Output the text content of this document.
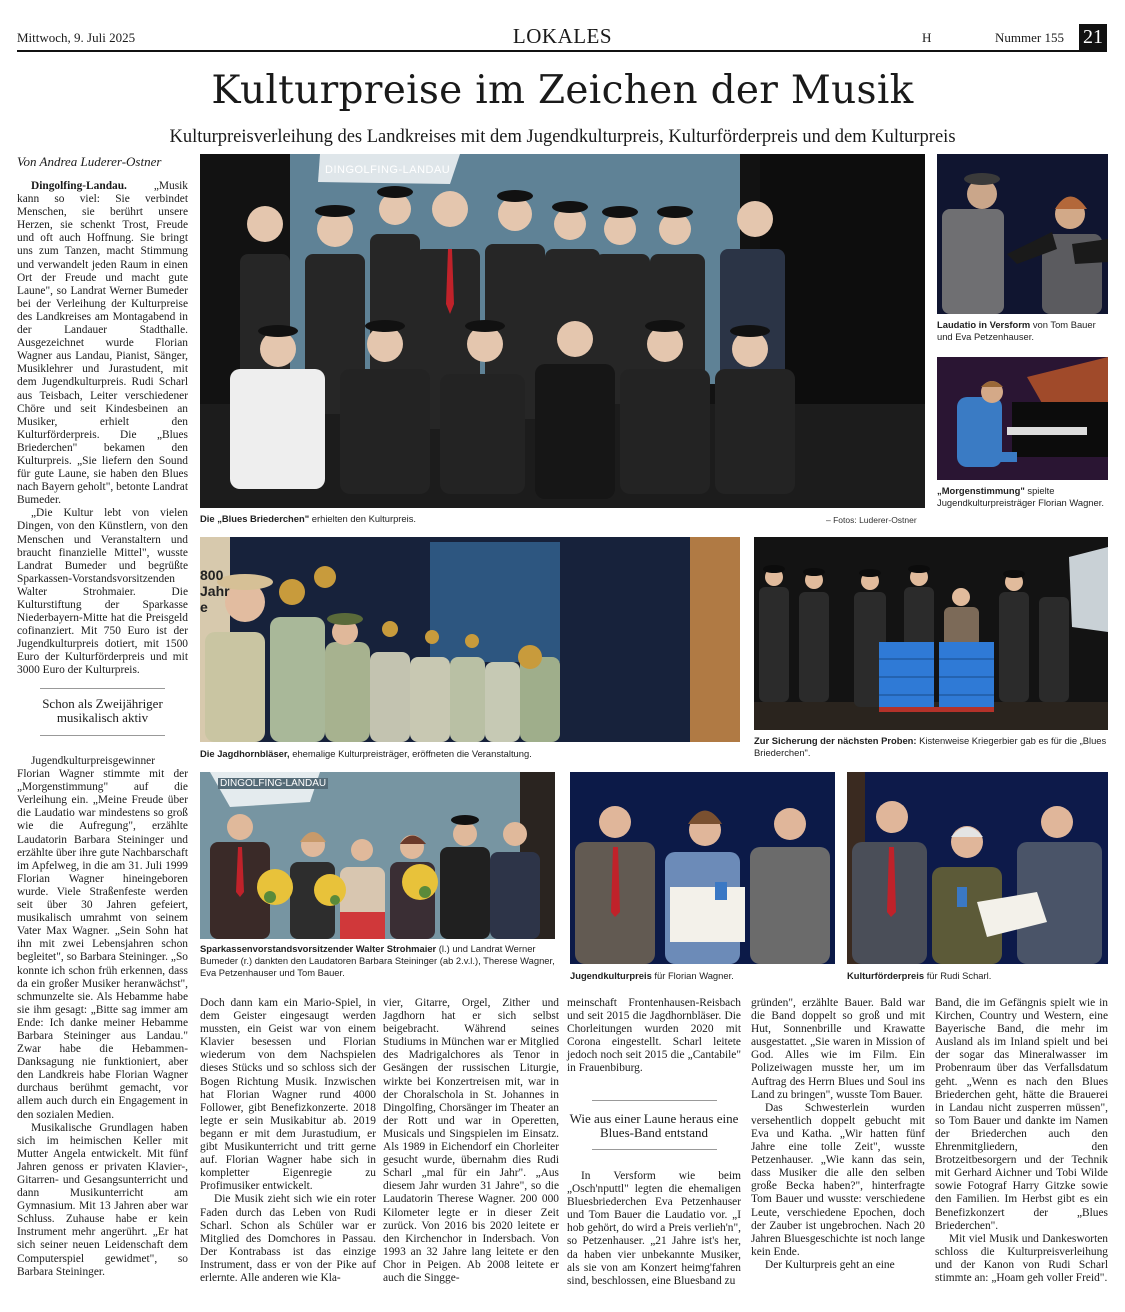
Mittwoch, 9. Juli 2025	LOKALES	H	Nummer 155 21
Kulturpreise im Zeichen der Musik
Kulturpreisverleihung des Landkreises mit dem Jugendkulturpreis, Kulturförderpreis und dem Kulturpreis
Von Andrea Luderer-Ostner

Dingolfing-Landau. „Musik kann so viel: Sie verbindet Menschen, sie berührt unsere Herzen, sie schenkt Trost, Freude und oft auch Hoffnung. Sie bringt uns zum Tanzen, macht Stimmung und verwandelt jeden Raum in einen Ort der Freude und macht gute Laune", so Landrat Werner Bumeder bei der Verleihung der Kulturpreise des Landkreises am Montagabend in der Landauer Stadthalle. Ausgezeichnet wurde Florian Wagner aus Landau, Pianist, Sänger, Musiklehrer und Jurastudent, mit dem Jugendkulturpreis. Rudi Scharl aus Teisbach, Leiter verschiedener Chöre und seit Kindesbeinen an Musiker, erhielt den Kulturförderpreis. Die „Blues Briederchen" bekamen den Kulturpreis. „Sie liefern den Sound für gute Laune, sie haben den Blues nach Bayern geholt", betonte Landrat Bumeder.

„Die Kultur lebt von vielen Dingen, von den Künstlern, von den Menschen und Veranstaltern und braucht finanzielle Mittel", wusste Landrat Bumeder und begrüßte Sparkassen-Vorstandsvorsitzenden Walter Strohmaier. Die Kulturstiftung der Sparkasse Niederbayern-Mitte hat die Preisgeld cofinanziert. Mit 750 Euro ist der Jugendkulturpreis dotiert, mit 1500 Euro der Kulturförderpreis und mit 3000 Euro der Kulturpreis.

Schon als Zweijähriger musikalisch aktiv

Jugendkulturpreisgewinner Florian Wagner stimmte mit der „Morgenstimmung" auf die Verleihung ein. „Meine Freude über die Laudatio war mindestens so groß wie die Aufregung", erzählte Laudatorin Barbara Steininger und erzählte über ihre gute Nachbarschaft im Apfelweg, in die am 31. Juli 1999 Florian Wagner hineingeboren wurde. Viele Straßenfeste werden seit über 30 Jahren gefeiert, musikalisch umrahmt von seinem Vater Max Wagner. „Sein Sohn hat ihn mit zwei Lebensjahren schon begleitet", so Barbara Steininger. „So konnte ich schon früh erkennen, dass da ein großer Musiker heranwächst", schmunzelte sie. Als Hebamme habe sie ihm gesagt: „Bitte sag immer am Ende: Ich danke meiner Hebamme Barbara Steininger aus Landau." Zwar habe die Hebammen-Danksagung nie funktioniert, aber den Landkreis habe Florian Wagner durchaus berühmt gemacht, vor allem auch durch ein Engagement in den sozialen Medien.

Musikalische Grundlagen haben sich im heimischen Keller mit Mutter Angela entwickelt. Mit fünf Jahren genoss er privaten Klavier-, Gitarren- und Gesangsunterricht und dann Musikunterricht am Gymnasium. Mit 13 Jahren aber war Schluss. Zuhause habe er kein Instrument mehr angerührt. „Er hat sich seiner neuen Leidenschaft dem Computerspiel gewidmet", so Barbara Steininger.

DINGOLFING-LANDAU
Die „Blues Briederchen" erhielten den Kulturpreis.	– Fotos: Luderer-Ostner
Laudatio in Versform von Tom Bauer und Eva Petzenhauser.
„Morgenstimmung" spielte Jugendkulturpreisträger Florian Wagner.
800 Jahre
Die Jagdhornbläser, ehemalige Kulturpreisträger, eröffneten die Veranstaltung.
Zur Sicherung der nächsten Proben: Kistenweise Kriegerbier gab es für die „Blues Briederchen".
DINGOLFING-LANDAU
Sparkassenvorstandsvorsitzender Walter Strohmaier (l.) und Landrat Werner Bumeder (r.) dankten den Laudatoren Barbara Steininger (ab 2.v.l.), Therese Wagner, Eva Petzenhauser und Tom Bauer.	Jugendkulturpreis für Florian Wagner.	Kulturförderpreis für Rudi Scharl.

Doch dann kam ein Mario-Spiel, in dem Geister eingesaugt werden mussten, ein Geist war von einem Klavier besessen und Florian wiederum von dem Nachspielen dieses Stücks und so schloss sich der Bogen Richtung Musik. Inzwischen hat Florian Wagner rund 4000 Follower, gibt Benefizkonzerte. 2018 legte er sein Musikabitur ab. 2019 begann er mit dem Jurastudium, er gibt Musikunterricht und tritt gerne auf. Florian Wagner habe sich in kompletter Eigenregie zu Profimusiker entwickelt.

Die Musik zieht sich wie ein roter Faden durch das Leben von Rudi Scharl. Schon als Schüler war er Mitglied des Domchores in Passau. Der Kontrabass ist das einzige Instrument, dass er von der Pike auf erlernte. Alle anderen wie Kla-

vier, Gitarre, Orgel, Zither und Jagdhorn hat er sich selbst beigebracht. Während seines Studiums in München war er Mitglied des Madrigalchores als Tenor in Gesängen der russischen Liturgie, wirkte bei Konzertreisen mit, war in der Choralschola in St. Johannes in Dingolfing, Chorsänger im Theater an der Rott und war in Operetten, Musicals und Singspielen im Einsatz. Als 1989 in Eichendorf ein Chorleiter gesucht wurde, übernahm dies Rudi Scharl „mal für ein Jahr". „Aus diesem Jahr wurden 31 Jahre", so die Laudatorin Therese Wagner. 200 000 Kilometer legte er in dieser Zeit zurück. Von 2016 bis 2020 leitete er den Kirchenchor in Indersbach. Von 1993 an 32 Jahre lang leitete er den Chor in Peigen. Ab 2008 leitete er auch die Singge-

meinschaft Frontenhausen-Reisbach und seit 2015 die Jagdhornbläser. Die Chorleitungen wurden 2020 mit Corona eingestellt. Scharl leitete jedoch noch seit 2015 die „Cantabile" in Frauenbiburg.

Wie aus einer Laune heraus eine Blues-Band entstand

In Versform wie beim „Osch'nputtl" legten die ehemaligen Bluesbriederchen Eva Petzenhauser und Tom Bauer die Laudatio vor. „I hob gehört, do wird a Preis verlieh'n", so Petzenhauser. „21 Jahre ist's her, da haben vier unbekannte Musiker, als sie von am Konzert heimg'fahren sind, beschlossen, eine Bluesband zu

gründen", erzählte Bauer. Bald war die Band doppelt so groß und mit Hut, Sonnenbrille und Krawatte ausgestattet. „Sie waren in Mission of God. Alles wie im Film. Ein Polizeiwagen musste her, um im Auftrag des Herrn Blues und Soul ins Land zu bringen", wusste Tom Bauer.

Das Schwesterlein wurden versehentlich doppelt gebucht mit Eva und Katha. „Wir hatten fünf Jahre eine tolle Zeit", wusste Petzenhauser. „Wie kann das sein, dass Musiker die alle den selben große Becka haben?", hinterfragte Tom Bauer und wusste: verschiedene Leute, verschiedene Epochen, doch der Zauber ist ungebrochen. Nach 20 Jahren Bluesgeschichte ist noch lange kein Ende.

Der Kulturpreis geht an eine

Band, die im Gefängnis spielt wie in Kirchen, Country und Western, eine Bayerische Band, die mehr im Ausland als im Inland spielt und bei der sogar das Mineralwasser im Probenraum über das Verfallsdatum geht. „Wenn es nach den Blues Briederchen geht, hätte die Brauerei in Landau nicht zusperren müssen", so Tom Bauer und dankte im Namen der Briederchen auch den Ehrenmitgliedern, den Brotzeitbesorgern und der Technik mit Gerhard Aichner und Tobi Wilde sowie Fotograf Harry Gitzke sowie den Familien. Im Herbst gibt es ein Benefizkonzert der „Blues Briederchen".

Mit viel Musik und Dankesworten schloss die Kulturpreisverleihung und der Kanon von Rudi Scharl stimmte an: „Hoam geh voller Freid".
